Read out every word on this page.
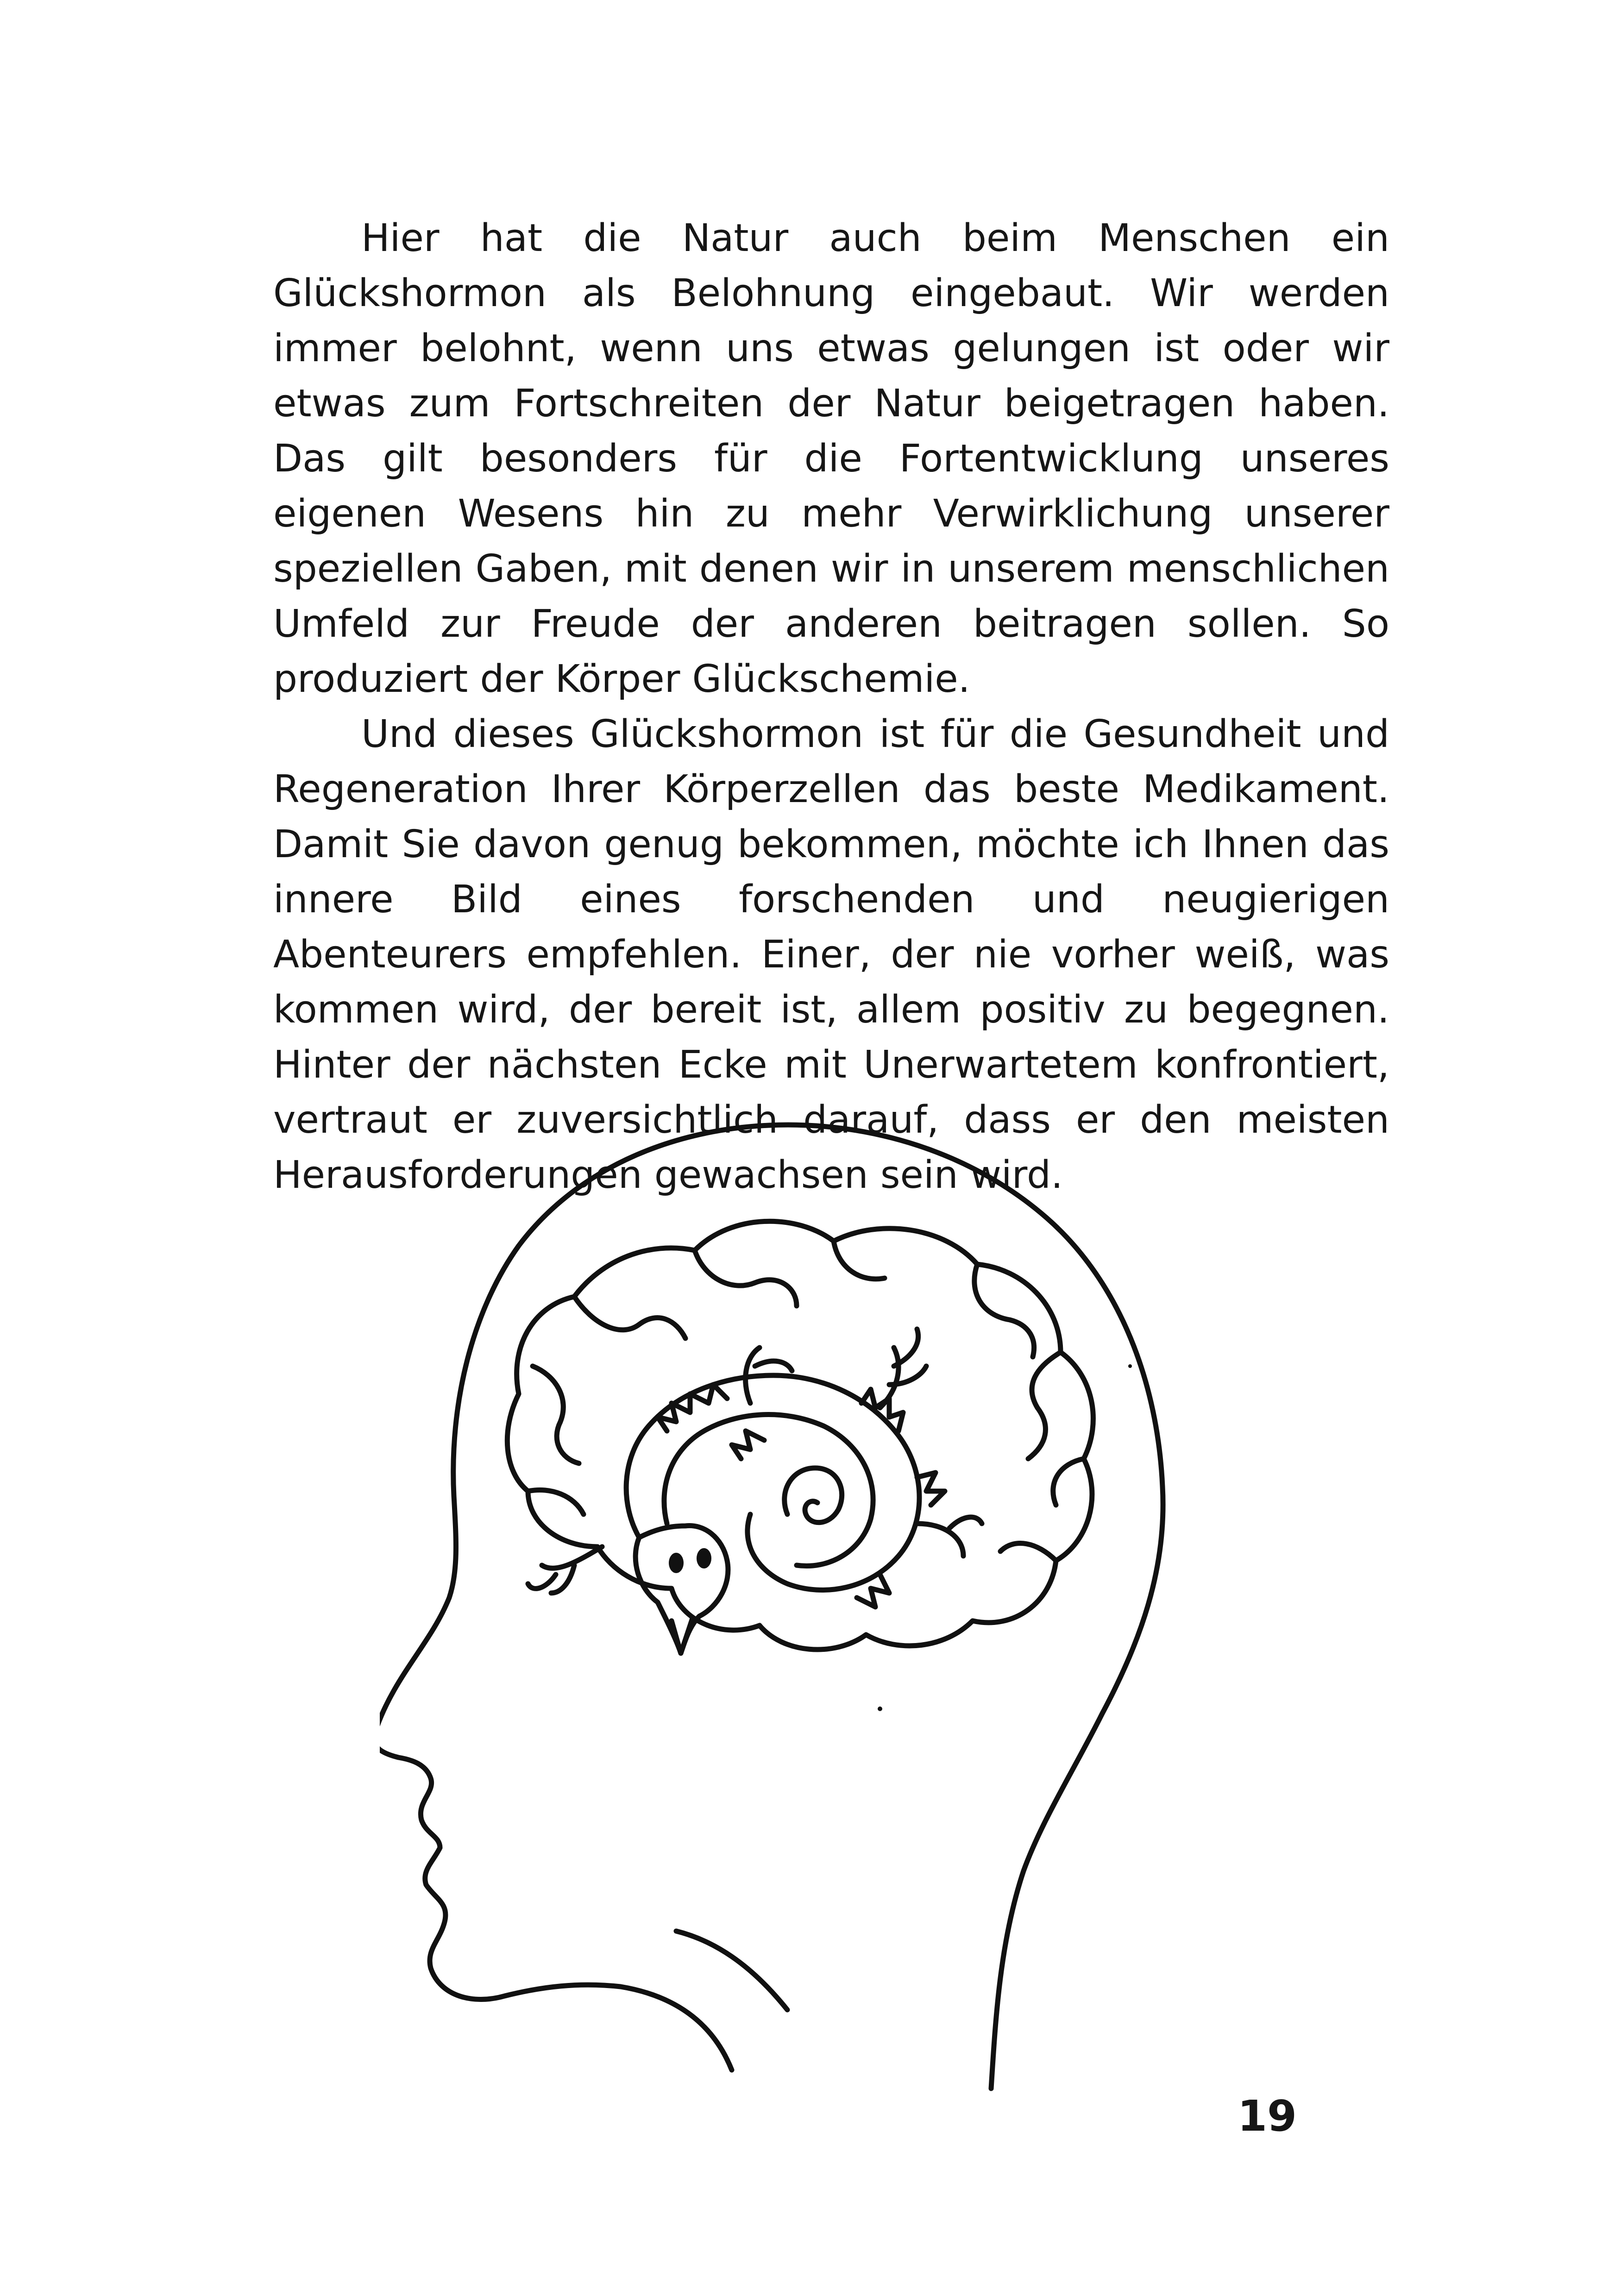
Hier hat die Natur auch beim Menschen ein Glückshormon als Belohnung eingebaut. Wir werden immer belohnt, wenn uns etwas gelungen ist oder wir etwas zum Fortschreiten der Natur beigetragen haben. Das gilt besonders für die Fortentwicklung unseres eigenen Wesens hin zu mehr Verwirklichung unserer speziellen Gaben, mit denen wir in unserem menschlichen Umfeld zur Freude der anderen beitragen sollen. So produziert der Körper Glückschemie.

Und dieses Glückshormon ist für die Gesundheit und Regeneration Ihrer Körperzellen das beste Medikament. Damit Sie davon genug bekommen, möchte ich Ihnen das innere Bild eines forschenden und neugierigen Abenteurers empfehlen. Einer, der nie vorher weiß, was kommen wird, der bereit ist, allem positiv zu begegnen. Hinter der nächsten Ecke mit Unerwartetem konfrontiert, vertraut er zuversichtlich darauf, dass er den meisten Herausforderungen gewachsen sein wird.

19
